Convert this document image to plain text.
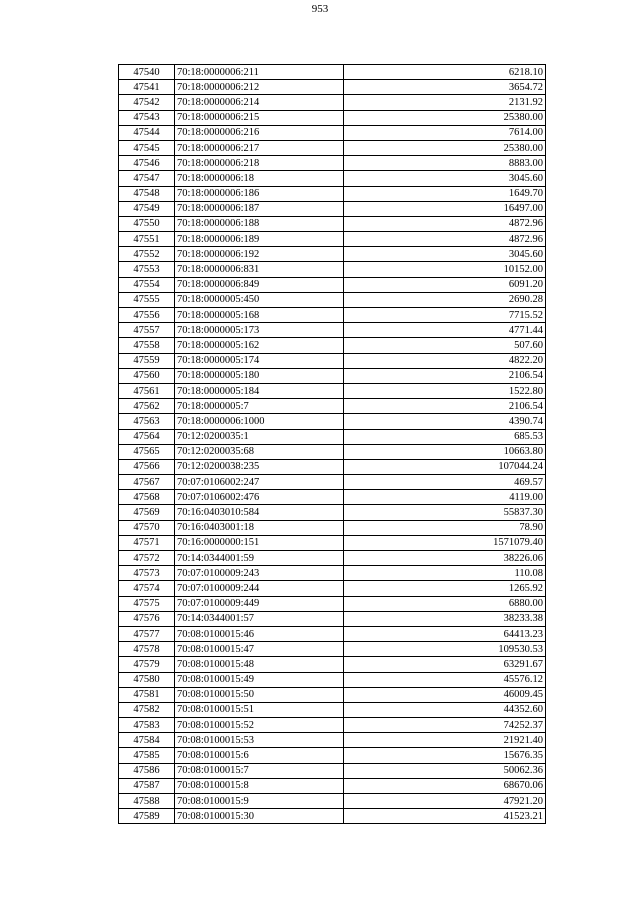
953
47540	70:18:0000006:211	6218.10
47541	70:18:0000006:212	3654.72
47542	70:18:0000006:214	2131.92
47543	70:18:0000006:215	25380.00
47544	70:18:0000006:216	7614.00
47545	70:18:0000006:217	25380.00
47546	70:18:0000006:218	8883.00
47547	70:18:0000006:18	3045.60
47548	70:18:0000006:186	1649.70
47549	70:18:0000006:187	16497.00
47550	70:18:0000006:188	4872.96
47551	70:18:0000006:189	4872.96
47552	70:18:0000006:192	3045.60
47553	70:18:0000006:831	10152.00
47554	70:18:0000006:849	6091.20
47555	70:18:0000005:450	2690.28
47556	70:18:0000005:168	7715.52
47557	70:18:0000005:173	4771.44
47558	70:18:0000005:162	507.60
47559	70:18:0000005:174	4822.20
47560	70:18:0000005:180	2106.54
47561	70:18:0000005:184	1522.80
47562	70:18:0000005:7	2106.54
47563	70:18:0000006:1000	4390.74
47564	70:12:0200035:1	685.53
47565	70:12:0200035:68	10663.80
47566	70:12:0200038:235	107044.24
47567	70:07:0106002:247	469.57
47568	70:07:0106002:476	4119.00
47569	70:16:0403010:584	55837.30
47570	70:16:0403001:18	78.90
47571	70:16:0000000:151	1571079.40
47572	70:14:0344001:59	38226.06
47573	70:07:0100009:243	110.08
47574	70:07:0100009:244	1265.92
47575	70:07:0100009:449	6880.00
47576	70:14:0344001:57	38233.38
47577	70:08:0100015:46	64413.23
47578	70:08:0100015:47	109530.53
47579	70:08:0100015:48	63291.67
47580	70:08:0100015:49	45576.12
47581	70:08:0100015:50	46009.45
47582	70:08:0100015:51	44352.60
47583	70:08:0100015:52	74252.37
47584	70:08:0100015:53	21921.40
47585	70:08:0100015:6	15676.35
47586	70:08:0100015:7	50062.36
47587	70:08:0100015:8	68670.06
47588	70:08:0100015:9	47921.20
47589	70:08:0100015:30	41523.21
